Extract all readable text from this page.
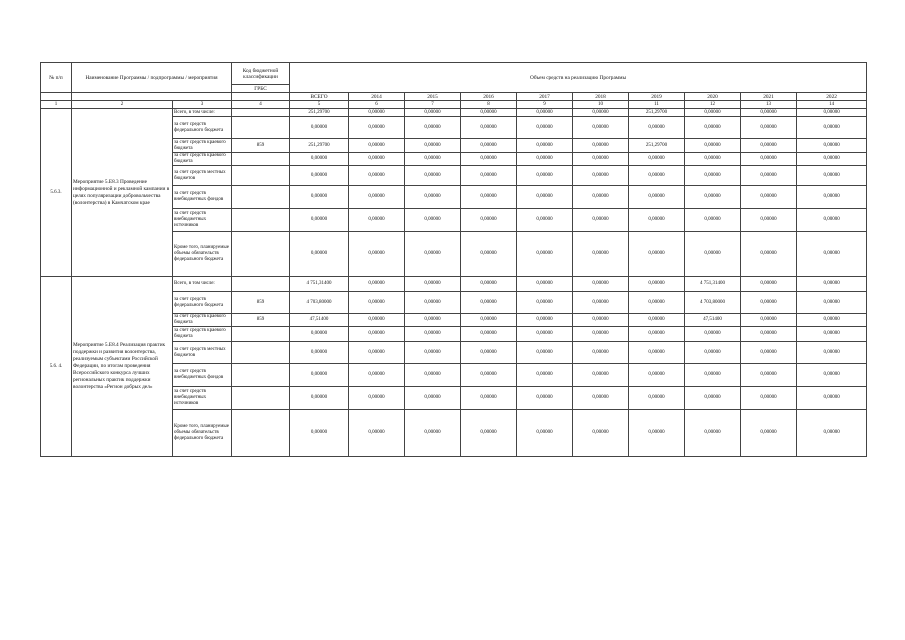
№ п/п	Наименование Программы / подпрограммы / мероприятия		Код бюджетной классификации	Объем средств на реализацию Программы									
			ГРБС										
				ВСЕГО	2014	2015	2016	2017	2018	2019	2020	2021	2022
1	2	3	4	5	6	7	8	9	10	11	12	13	14
5.6.3.	Мероприятие 5.E8.3 Проведение информационной и рекламной кампании в целях популяризации добровольчества (волонтерства) в Камчатском крае	Всего, в том числе:		251,29700	0,00000	0,00000	0,00000	0,00000	0,00000	251,29700	0,00000	0,00000	0,00000
		за счет средств федерального бюджета		0,00000	0,00000	0,00000	0,00000	0,00000	0,00000	0,00000	0,00000	0,00000	0,00000
		за счет средств краевого бюджета	859	251,29700	0,00000	0,00000	0,00000	0,00000	0,00000	251,29700	0,00000	0,00000	0,00000
		за счет средств краевого бюджета		0,00000	0,00000	0,00000	0,00000	0,00000	0,00000	0,00000	0,00000	0,00000	0,00000
		за счет средств местных бюджетов		0,00000	0,00000	0,00000	0,00000	0,00000	0,00000	0,00000	0,00000	0,00000	0,00000
		за счет средств внебюджетных фондов		0,00000	0,00000	0,00000	0,00000	0,00000	0,00000	0,00000	0,00000	0,00000	0,00000
		за счет средств внебюджетных источников		0,00000	0,00000	0,00000	0,00000	0,00000	0,00000	0,00000	0,00000	0,00000	0,00000
		Кроме того, планируемые объемы обязательств федерального бюджета		0,00000	0,00000	0,00000	0,00000	0,00000	0,00000	0,00000	0,00000	0,00000	0,00000
5.6. 4.	Мероприятие 5.E8.4 Реализация практик поддержки и развития волонтерства, реализуемым субъектами Российской Федерации, по итогам проведения Всероссийского конкурса лучших региональных практик поддержки волонтерства «Регион добрых дел»	Всего, в том числе:		4 751,31400	0,00000	0,00000	0,00000	0,00000	0,00000	0,00000	4 751,31400	0,00000	0,00000
		за счет средств федерального бюджета	859	4 703,80000	0,00000	0,00000	0,00000	0,00000	0,00000	0,00000	4 703,80000	0,00000	0,00000
		за счет средств краевого бюджета	859	47,51400	0,00000	0,00000	0,00000	0,00000	0,00000	0,00000	47,51400	0,00000	0,00000
		за счет средств краевого бюджета		0,00000	0,00000	0,00000	0,00000	0,00000	0,00000	0,00000	0,00000	0,00000	0,00000
		за счет средств местных бюджетов		0,00000	0,00000	0,00000	0,00000	0,00000	0,00000	0,00000	0,00000	0,00000	0,00000
		за счет средств внебюджетных фондов		0,00000	0,00000	0,00000	0,00000	0,00000	0,00000	0,00000	0,00000	0,00000	0,00000
		за счет средств внебюджетных источников		0,00000	0,00000	0,00000	0,00000	0,00000	0,00000	0,00000	0,00000	0,00000	0,00000
		Кроме того, планируемые объемы обязательств федерального бюджета		0,00000	0,00000	0,00000	0,00000	0,00000	0,00000	0,00000	0,00000	0,00000	0,00000
